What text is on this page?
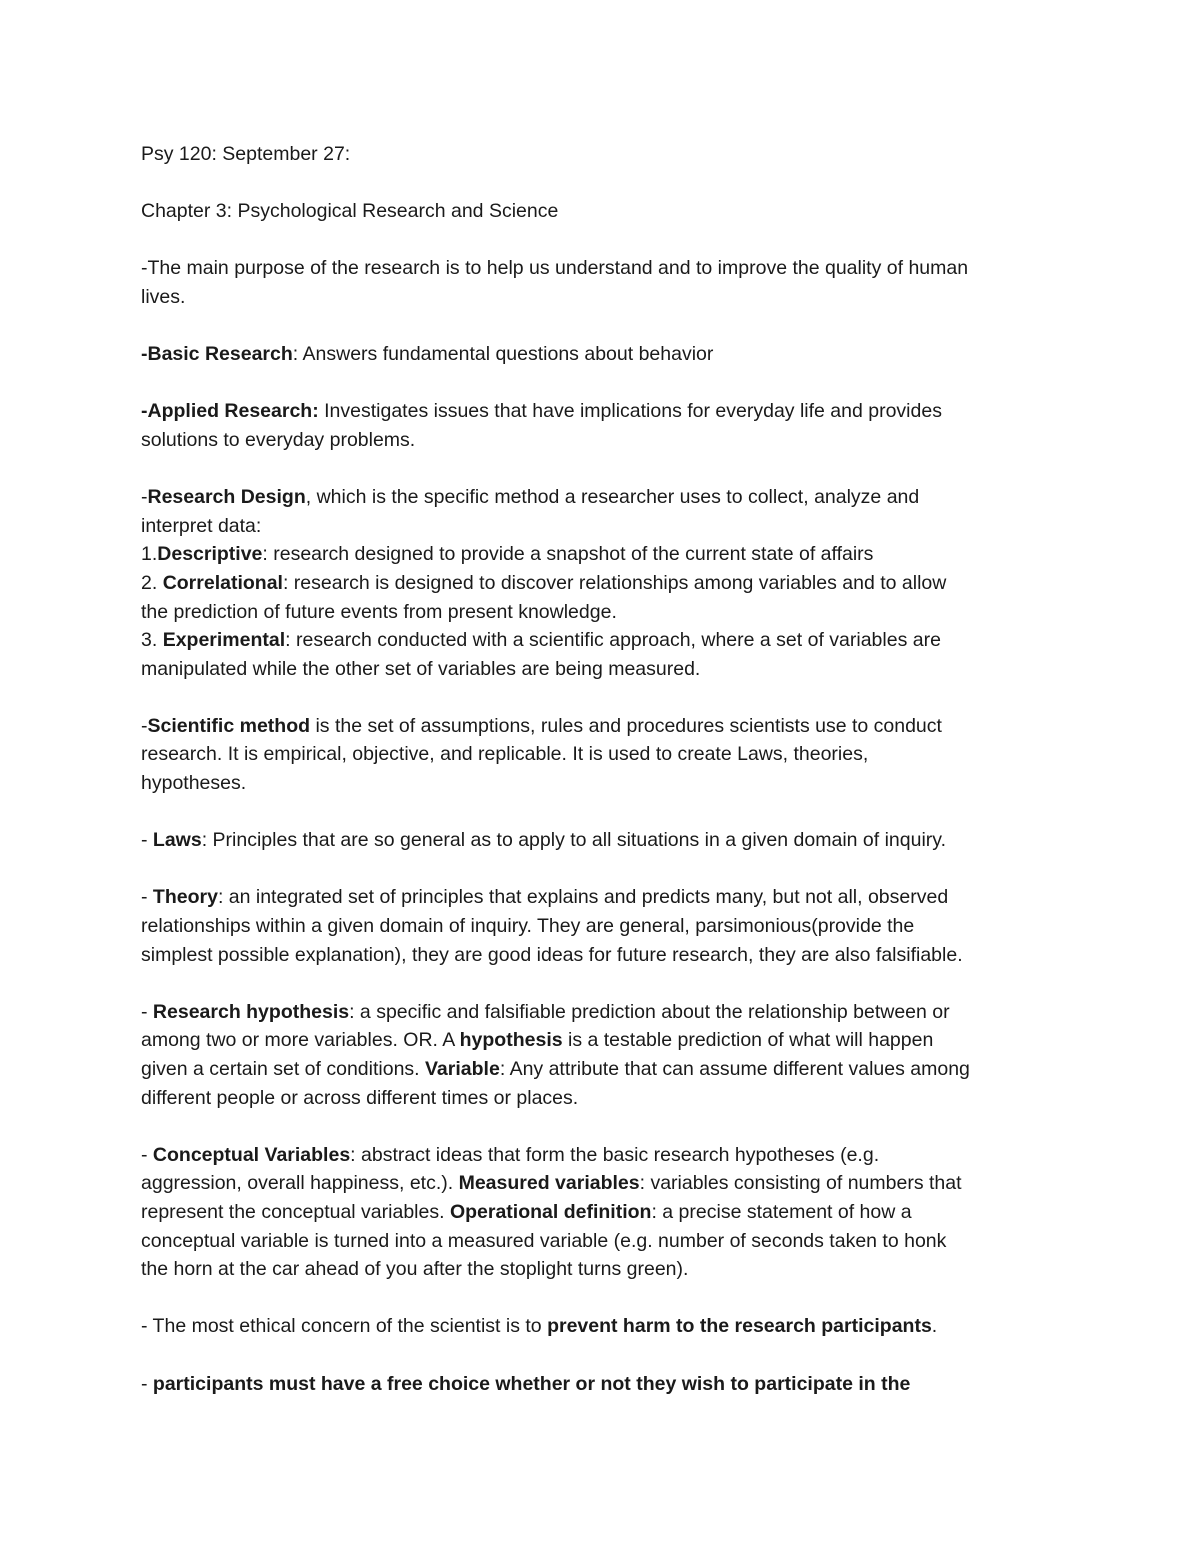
Psy 120: September 27:

Chapter 3: Psychological Research and Science

-The main purpose of the research is to help us understand and to improve the quality of human
lives.

-Basic Research: Answers fundamental questions about behavior

-Applied Research: Investigates issues that have implications for everyday life and provides
solutions to everyday problems.

-Research Design, which is the specific method a researcher uses to collect, analyze and
interpret data:
1.Descriptive: research designed to provide a snapshot of the current state of affairs
2. Correlational: research is designed to discover relationships among variables and to allow
the prediction of future events from present knowledge.
3. Experimental: research conducted with a scientific approach, where a set of variables are
manipulated while the other set of variables are being measured.

-Scientific method is the set of assumptions, rules and procedures scientists use to conduct
research. It is empirical, objective, and replicable. It is used to create Laws, theories,
hypotheses.

- Laws: Principles that are so general as to apply to all situations in a given domain of inquiry.

- Theory: an integrated set of principles that explains and predicts many, but not all, observed
relationships within a given domain of inquiry. They are general, parsimonious(provide the
simplest possible explanation), they are good ideas for future research, they are also falsifiable.

- Research hypothesis: a specific and falsifiable prediction about the relationship between or
among two or more variables. OR. A hypothesis is a testable prediction of what will happen
given a certain set of conditions. Variable: Any attribute that can assume different values among
different people or across different times or places.

- Conceptual Variables: abstract ideas that form the basic research hypotheses (e.g.
aggression, overall happiness, etc.). Measured variables: variables consisting of numbers that
represent the conceptual variables. Operational definition: a precise statement of how a
conceptual variable is turned into a measured variable (e.g. number of seconds taken to honk
the horn at the car ahead of you after the stoplight turns green).

- The most ethical concern of the scientist is to prevent harm to the research participants.

- participants must have a free choice whether or not they wish to participate in the
